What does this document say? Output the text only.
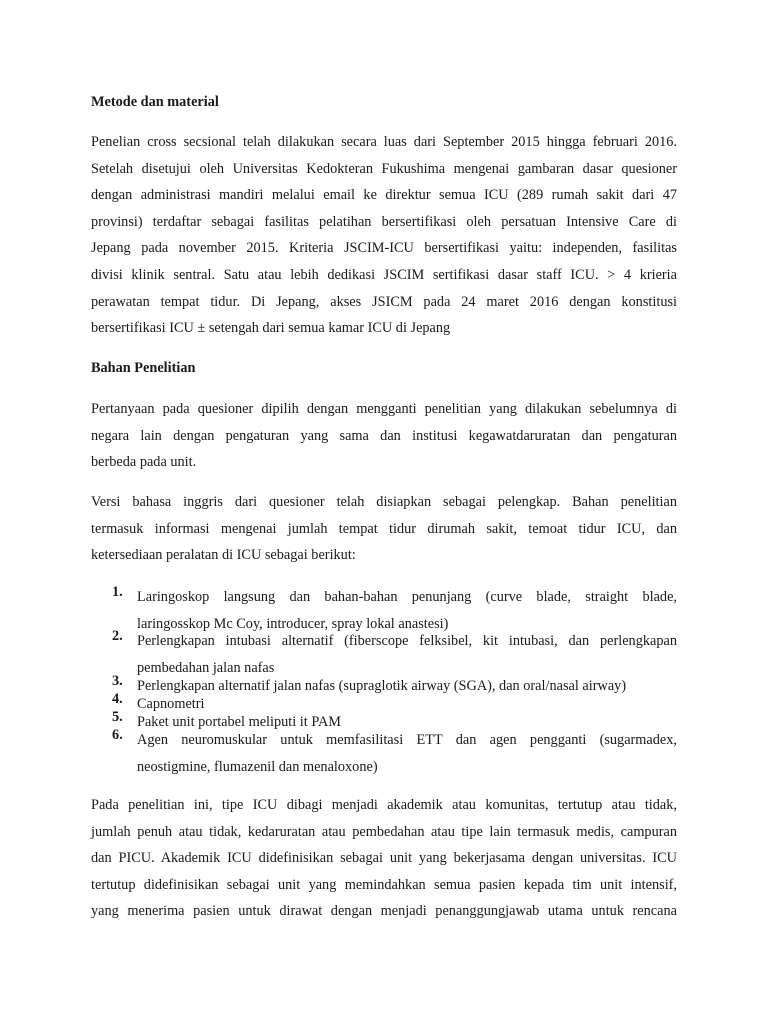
Metode dan material
Penelian cross secsional telah dilakukan secara luas dari September 2015 hingga februari 2016.
Setelah disetujui oleh Universitas Kedokteran Fukushima mengenai gambaran dasar quesioner
dengan administrasi mandiri melalui email ke direktur semua ICU (289 rumah sakit dari 47
provinsi) terdaftar sebagai fasilitas pelatihan bersertifikasi oleh persatuan Intensive Care di
Jepang pada november 2015. Kriteria JSCIM-ICU bersertifikasi yaitu: independen, fasilitas
divisi klinik sentral. Satu atau lebih dedikasi JSCIM sertifikasi dasar staff ICU. > 4 krieria
perawatan tempat tidur. Di Jepang, akses JSICM pada 24 maret 2016 dengan konstitusi
bersertifikasi ICU ± setengah dari semua kamar ICU di Jepang
Bahan Penelitian
Pertanyaan pada quesioner dipilih dengan mengganti penelitian yang dilakukan sebelumnya di
negara lain dengan pengaturan yang sama dan institusi kegawatdaruratan dan pengaturan
berbeda pada unit.
Versi bahasa inggris dari quesioner telah disiapkan sebagai pelengkap. Bahan penelitian
termasuk informasi mengenai jumlah tempat tidur dirumah sakit, temoat tidur ICU, dan
ketersediaan peralatan di ICU sebagai berikut:
1. Laringoskop langsung dan bahan-bahan penunjang (curve blade, straight blade,
laringosskop Mc Coy, introducer, spray lokal anastesi)
2. Perlengkapan intubasi alternatif (fiberscope felksibel, kit intubasi, dan perlengkapan
pembedahan jalan nafas
3. Perlengkapan alternatif jalan nafas (supraglotik airway (SGA), dan oral/nasal airway)
4. Capnometri
5. Paket unit portabel meliputi it PAM
6. Agen neuromuskular untuk memfasilitasi ETT dan agen pengganti (sugarmadex,
neostigmine, flumazenil dan menaloxone)
Pada penelitian ini, tipe ICU dibagi menjadi akademik atau komunitas, tertutup atau tidak,
jumlah penuh atau tidak, kedaruratan atau pembedahan atau tipe lain termasuk medis, campuran
dan PICU. Akademik ICU didefinisikan sebagai unit yang bekerjasama dengan universitas. ICU
tertutup didefinisikan sebagai unit yang memindahkan semua pasien kepada tim unit intensif,
yang menerima pasien untuk dirawat dengan menjadi penanggungjawab utama untuk rencana
